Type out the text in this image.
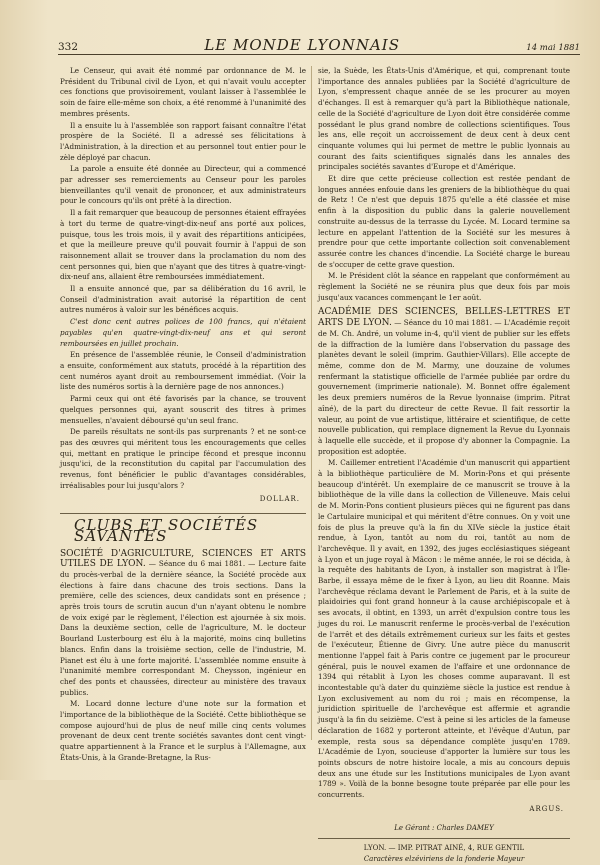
332	LE MONDE LYONNAIS	14 mai 1881

Le Censeur, qui avait été nommé par ordonnance de M. le Président du Tribunal civil de Lyon, et qui n'avait voulu accepter ces fonctions que provisoirement, voulant laisser à l'assemblée le soin de faire elle-même son choix, a été renommé à l'unanimité des membres présents.

Il a ensuite lu à l'assemblée son rapport faisant connaître l'état prospère de la Société. Il a adressé ses félicitations à l'Administration, à la direction et au personnel tout entier pour le zèle déployé par chacun.

La parole a ensuite été donnée au Directeur, qui a commencé par adresser ses remerciements au Censeur pour les paroles bienveillantes qu'il venait de prononcer, et aux administrateurs pour le concours qu'ils ont prêté à la direction.

Il a fait remarquer que beaucoup de personnes étaient effrayées à tort du terme de quatre-vingt-dix-neuf ans porté aux polices, puisque, tous les trois mois, il y avait des répartitions anticipées, et que la meilleure preuve qu'il pouvait fournir à l'appui de son raisonnement allait se trouver dans la proclamation du nom des cent personnes qui, bien que n'ayant que des titres à quatre-vingt-dix-neuf ans, allaient être remboursées immédiatement.

Il a ensuite annoncé que, par sa délibération du 16 avril, le Conseil d'administration avait autorisé la répartition de cent autres numéros à valoir sur les bénéfices acquis.

C'est donc cent autres polices de 100 francs, qui n'étaient payables qu'en quatre-vingt-dix-neuf ans et qui seront remboursées en juillet prochain.

En présence de l'assemblée réunie, le Conseil d'administration a ensuite, conformément aux statuts, procédé à la répartition des cent numéros ayant droit au remboursement immédiat. (Voir la liste des numéros sortis à la dernière page de nos annonces.)

Parmi ceux qui ont été favorisés par la chance, se trouvent quelques personnes qui, ayant souscrit des titres à primes mensuelles, n'avaient déboursé qu'un seul franc.

De pareils résultats ne sont-ils pas surprenants ? et ne sont-ce pas des œuvres qui méritent tous les encouragements que celles qui, mettant en pratique le principe fécond et presque inconnu jusqu'ici, de la reconstitution du capital par l'accumulation des revenus, font bénéficier le public d'avantages considérables, irréalisables pour lui jusqu'alors ?

DOLLAR.
CLUBS ET SOCIÉTÉS SAVANTES

SOCIÉTÉ D'AGRICULTURE, SCIENCES ET ARTS UTILES DE LYON. — Séance du 6 mai 1881. — Lecture faite du procès-verbal de la dernière séance, la Société procède aux élections à faire dans chacune des trois sections. Dans la première, celle des sciences, deux candidats sont en présence ; après trois tours de scrutin aucun d'un n'ayant obtenu le nombre de voix exigé par le règlement, l'élection est ajournée à six mois. Dans la deuxième section, celle de l'agriculture, M. le docteur Bourland Lusterbourg est élu à la majorité, moins cinq bulletins blancs. Enfin dans la troisième section, celle de l'industrie, M. Pianet est élu à une forte majorité. L'assemblée nomme ensuite à l'unanimité membre correspondant M. Cheysson, ingénieur en chef des ponts et chaussées, directeur au ministère des travaux publics.

M. Locard donne lecture d'une note sur la formation et l'importance de la bibliothèque de la Société. Cette bibliothèque se compose aujourd'hui de plus de neuf mille cinq cents volumes provenant de deux cent trente sociétés savantes dont cent vingt-quatre appartiennent à la France et le surplus à l'Allemagne, aux États-Unis, à la Grande-Bretagne, la Rus-

sie, la Suède, les États-Unis d'Amérique, et qui, comprenant toute l'importance des annales publiées par la Société d'agriculture de Lyon, s'empressent chaque année de se les procurer au moyen d'échanges. Il est à remarquer qu'à part la Bibliothèque nationale, celle de la Société d'agriculture de Lyon doit être considérée comme possédant le plus grand nombre de collections scientifiques. Tous les ans, elle reçoit un accroissement de deux cent à deux cent cinquante volumes qui lui permet de mettre le public lyonnais au courant des faits scientifiques signalés dans les annales des principales sociétés savantes d'Europe et d'Amérique.

Et dire que cette précieuse collection est restée pendant de longues années enfouie dans les greniers de la bibliothèque du quai de Retz ! Ce n'est que depuis 1875 qu'elle a été classée et mise enfin à la disposition du public dans la galerie nouvellement construite au-dessus de la terrasse du Lycée. M. Locard termine sa lecture en appelant l'attention de la Société sur les mesures à prendre pour que cette importante collection soit convenablement assurée contre les chances d'incendie. La Société charge le bureau de s'occuper de cette grave question.

M. le Président clôt la séance en rappelant que conformément au règlement la Société ne se réunira plus que deux fois par mois jusqu'aux vacances commençant le 1er août.

ACADÉMIE DES SCIENCES, BELLES-LETTRES ET ARTS DE LYON. — Séance du 10 mai 1881. — L'Académie reçoit de M. Ch. André, un volume in-4, qu'il vient de publier sur les effets de la diffraction de la lumière dans l'observation du passage des planètes devant le soleil (imprim. Gauthier-Villars). Elle accepte de même, comme don de M. Marmy, une douzaine de volumes renfermant la statistique officielle de l'armée publiée par ordre du gouvernement (imprimerie nationale). M. Bonnet offre également les deux premiers numéros de la Revue lyonnaise (imprim. Pitrat aîné), de la part du directeur de cette Revue. Il fait ressortir la valeur, au point de vue artistique, littéraire et scientifique, de cette nouvelle publication, qui remplace dignement la Revue du Lyonnais à laquelle elle succède, et il propose d'y abonner la Compagnie. La proposition est adoptée.

M. Caillemer entretient l'Académie d'un manuscrit qui appartient à la bibliothèque particulière de M. Morin-Pons et qui présente beaucoup d'intérêt. Un exemplaire de ce manuscrit se trouve à la bibliothèque de la ville dans la collection de Villeneuve. Mais celui de M. Morin-Pons contient plusieurs pièces qui ne figurent pas dans le Cartulaire municipal et qui méritent d'être connues. On y voit une fois de plus la preuve qu'à la fin du XIVe siècle la justice était rendue, à Lyon, tantôt au nom du roi, tantôt au nom de l'archevêque. Il y avait, en 1392, des juges ecclésiastiques siégeant à Lyon et un juge royal à Mâcon : le même année, le roi se décida, à la requête des habitants de Lyon, à installer son magistrat à l'Île-Barbe, il essaya même de le fixer à Lyon, au lieu dit Roanne. Mais l'archevêque réclama devant le Parlement de Paris, et à la suite de plaidoiries qui font grand honneur à la cause archiépiscopale et à ses avocats, il obtint, en 1393, un arrêt d'expulsion contre tous les juges du roi. Le manuscrit renferme le procès-verbal de l'exécution de l'arrêt et des détails extrêmement curieux sur les faits et gestes de l'exécuteur, Étienne de Givry. Une autre pièce du manuscrit mentionne l'appel fait à Paris contre ce jugement par le procureur général, puis le nouvel examen de l'affaire et une ordonnance de 1394 qui rétablit à Lyon les choses comme auparavant. Il est incontestable qu'à dater du quinzième siècle la justice est rendue à Lyon exclusivement au nom du roi ; mais en récompense, la juridiction spirituelle de l'archevêque est affermie et agrandie jusqu'à la fin du seizième. C'est à peine si les articles de la fameuse déclaration de 1682 y porteront atteinte, et l'évêque d'Autun, par exemple, resta sous sa dépendance complète jusqu'en 1789. L'Académie de Lyon, soucieuse d'apporter la lumière sur tous les points obscurs de notre histoire locale, a mis au concours depuis deux ans une étude sur les Institutions municipales de Lyon avant 1789 ». Voilà de la bonne besogne toute préparée par elle pour les concurrents.

ARGUS.
Le Gérant : Charles DAMEY
LYON. — IMP. PITRAT AINÉ, 4, RUE GENTIL
Caractères elzéviriens de la fonderie Mayeur
